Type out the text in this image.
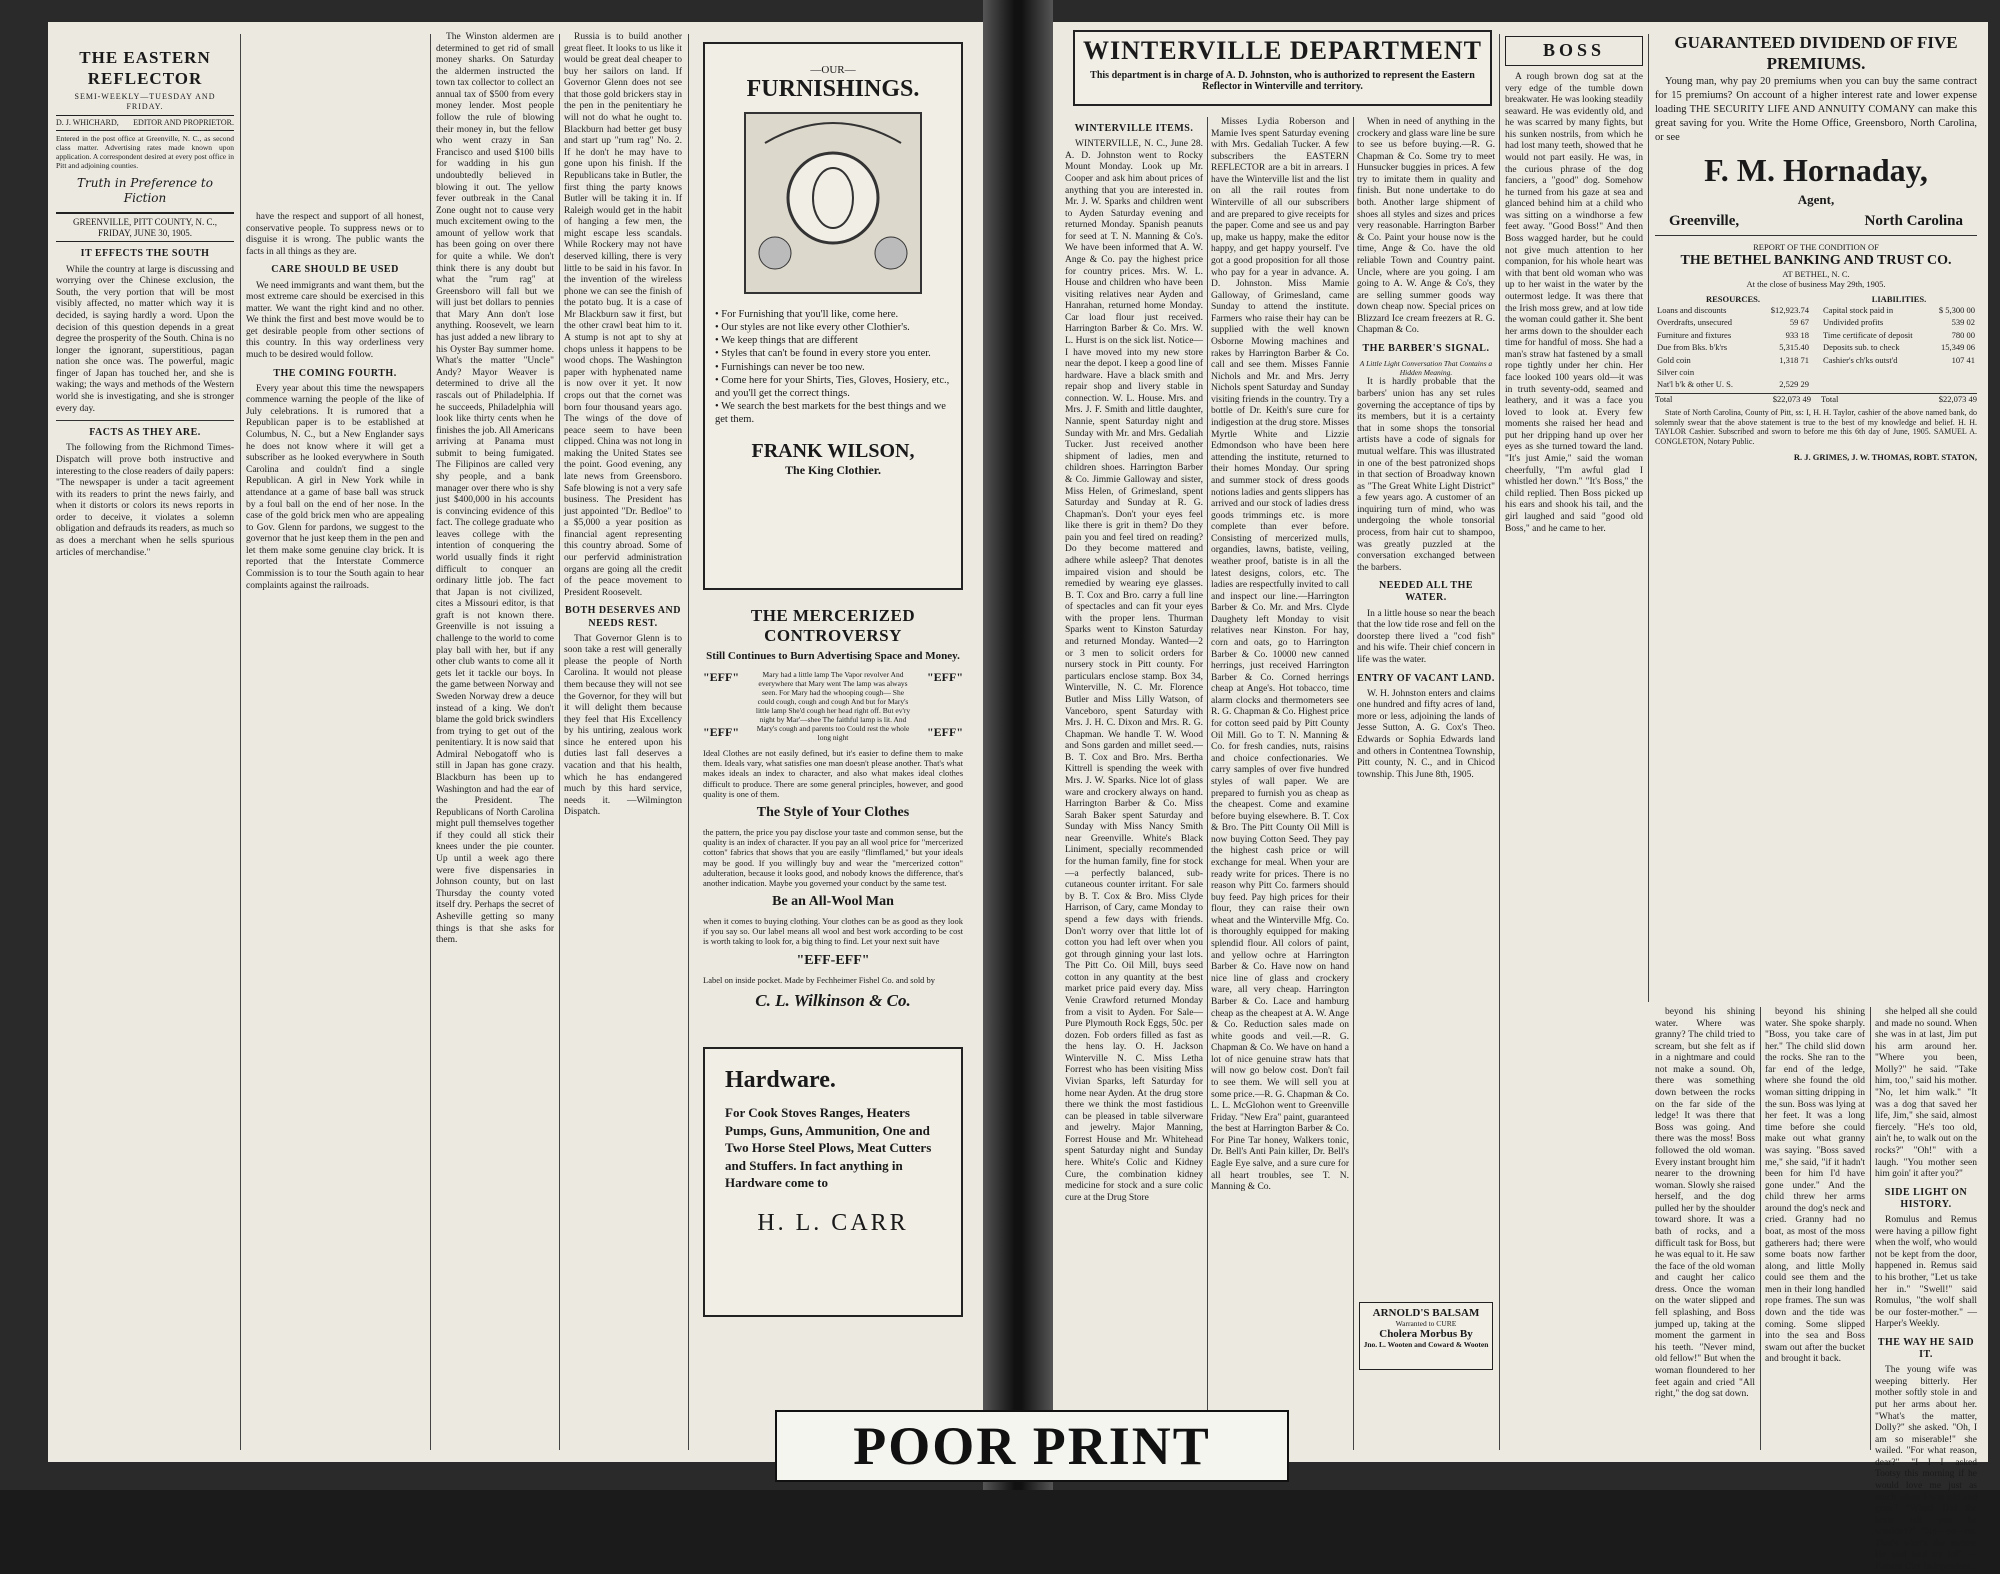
THE EASTERN REFLECTOR
SEMI-WEEKLY—TUESDAY AND FRIDAY.
D. J. WHICHARD, EDITOR AND PROPRIETOR.
Entered in the post office at Greenville, N. C., as second class matter. Advertising rates made known upon application. A correspondent desired at every post office in Pitt and adjoining counties.
Truth in Preference to Fiction
GREENVILLE, PITT COUNTY, N. C., FRIDAY, JUNE 30, 1905.
IT EFFECTS THE SOUTH

While the country at large is discussing and worrying over the Chinese exclusion, the South, the very portion that will be most visibly affected, no matter which way it is decided, is saying hardly a word. Upon the decision of this question depends in a great degree the prosperity of the South. China is no longer the ignorant, superstitious, pagan nation she once was. The powerful, magic finger of Japan has touched her, and she is waking; the ways and methods of the Western world she is investigating, and she is stronger every day.

FACTS AS THEY ARE.

The following from the Richmond Times-Dispatch will prove both instructive and interesting to the close readers of daily papers: "The newspaper is under a tacit agreement with its readers to print the news fairly, and when it distorts or colors its news reports in order to deceive, it violates a solemn obligation and defrauds its readers, as much so as does a merchant when he sells spurious articles of merchandise."

have the respect and support of all honest, conservative people. To suppress news or to disguise it is wrong. The public wants the facts in all things as they are.

CARE SHOULD BE USED

We need immigrants and want them, but the most extreme care should be exercised in this matter. We want the right kind and no other. We think the first and best move would be to get desirable people from other sections of this country. In this way orderliness very much to be desired would follow.

THE COMING FOURTH.

Every year about this time the newspapers commence warning the people of the like of July celebrations. It is rumored that a Republican paper is to be established at Columbus, N. C., but a New Englander says he does not know where it will get a subscriber as he looked everywhere in South Carolina and couldn't find a single Republican. A girl in New York while in attendance at a game of base ball was struck by a foul ball on the end of her nose. In the case of the gold brick men who are appealing to Gov. Glenn for pardons, we suggest to the governor that he just keep them in the pen and let them make some genuine clay brick. It is reported that the Interstate Commerce Commission is to tour the South again to hear complaints against the railroads.

The Winston aldermen are determined to get rid of small money sharks. On Saturday the aldermen instructed the town tax collector to collect an annual tax of $500 from every money lender. Most people follow the rule of blowing their money in, but the fellow who went crazy in San Francisco and used $100 bills for wadding in his gun undoubtedly believed in blowing it out. The yellow fever outbreak in the Canal Zone ought not to cause very much excitement owing to the amount of yellow work that has been going on over there for quite a while. We don't think there is any doubt but what the "rum rag" at Greensboro will fall but we will just bet dollars to pennies that Mary Ann don't lose anything. Roosevelt, we learn has just added a new library to his Oyster Bay summer home. What's the matter "Uncle" Andy? Mayor Weaver is determined to drive all the rascals out of Philadelphia. If he succeeds, Philadelphia will look like thirty cents when he finishes the job. All Americans arriving at Panama must submit to being fumigated. The Filipinos are called very shy people, and a bank manager over there who is shy just $400,000 in his accounts is convincing evidence of this fact. The college graduate who leaves college with the intention of conquering the world usually finds it right difficult to conquer an ordinary little job. The fact that Japan is not civilized, cites a Missouri editor, is that graft is not known there. Greenville is not issuing a challenge to the world to come play ball with her, but if any other club wants to come all it gets let it tackle our boys. In the game between Norway and Sweden Norway drew a deuce instead of a king. We don't blame the gold brick swindlers from trying to get out of the penitentiary. It is now said that Admiral Nebogatoff who is still in Japan has gone crazy. Blackburn has been up to Washington and had the ear of the President. The Republicans of North Carolina might pull themselves together if they could all stick their knees under the pie counter. Up until a week ago there were five dispensaries in Johnson county, but on last Thursday the county voted itself dry. Perhaps the secret of Asheville getting so many things is that she asks for them.

Russia is to build another great fleet. It looks to us like it would be great deal cheaper to buy her sailors on land. If Governor Glenn does not see that those gold brickers stay in the pen in the penitentiary he will not do what he ought to. Blackburn had better get busy and start up "rum rag" No. 2. If he don't he may have to gone upon his finish. If the Republicans take in Butler, the first thing the party knows Butler will be taking it in. If Raleigh would get in the habit of hanging a few men, the might escape less scandals. While Rockery may not have deserved killing, there is very little to be said in his favor. In the invention of the wireless phone we can see the finish of the potato bug. It is a case of Mr Blackburn saw it first, but the other crawl beat him to it. A stump is not apt to shy at chops unless it happens to be wood chops. The Washington paper with hyphenated name is now over it yet. It now crops out that the cornet was born four thousand years ago. The wings of the dove of peace seem to have been clipped. China was not long in making the United States see the point. Good evening, any late news from Greensboro. Safe blowing is not a very safe business. The President has just appointed "Dr. Bedloe" to a $5,000 a year position as financial agent representing this country abroad. Some of our perfervid administration organs are going all the credit of the peace movement to President Roosevelt.

BOTH DESERVES AND NEEDS REST.

That Governor Glenn is to soon take a rest will generally please the people of North Carolina. It would not please them because they will not see the Governor, for they will but it will delight them because they feel that His Excellency by his untiring, zealous work since he entered upon his duties last fall deserves a vacation and that his health, which he has endangered much by this hard service, needs it. —Wilmington Dispatch.

—OUR—
FURNISHINGS.
• For Furnishing that you'll like, come here.
• Our styles are not like every other Clothier's.
• We keep things that are different
• Styles that can't be found in every store you enter.
• Furnishings can never be too new.
• Come here for your Shirts, Ties, Gloves, Hosiery, etc., and you'll get the correct things.
• We search the best markets for the best things and we get them.
FRANK WILSON,
The King Clothier.
THE MERCERIZED CONTROVERSY
Still Continues to Burn Advertising Space and Money.
"EFF"
"EFF"
Mary had a little lamp The Vapor revolver And everywhere that Mary went The lamp was always seen. For Mary had the whooping cough— She could cough, cough and cough And but for Mary's little lamp She'd cough her head right off. But ev'ry night by Mar'—shee The faithful lamp is lit. And Mary's cough and parents too Could rest the whole long night
"EFF"
"EFF"
Ideal Clothes are not easily defined, but it's easier to define them to make them. Ideals vary, what satisfies one man doesn't please another. That's what makes ideals an index to character, and also what makes ideal clothes difficult to produce. There are some general principles, however, and good quality is one of them.
The Style of Your Clothes
the pattern, the price you pay disclose your taste and common sense, but the quality is an index of character. If you pay an all wool price for "mercerized cotton" fabrics that shows that you are easily "flimflamed," but your ideals may be good. If you willingly buy and wear the "mercerized cotton" adulteration, because it looks good, and nobody knows the difference, that's another indication. Maybe you governed your conduct by the same test.
Be an All-Wool Man
when it comes to buying clothing. Your clothes can be as good as they look if you say so. Our label means all wool and best work according to be cost is worth taking to look for, a big thing to find. Let your next suit have
"EFF-EFF"
Label on inside pocket. Made by Fechheimer Fishel Co. and sold by
C. L. Wilkinson & Co.
Hardware.
For Cook Stoves Ranges, Heaters Pumps, Guns, Ammunition, One and Two Horse Steel Plows, Meat Cutters and Stuffers. In fact anything in Hardware come to
H. L. CARR
WINTERVILLE DEPARTMENT
This department is in charge of A. D. Johnston, who is authorized to represent the Eastern Reflector in Winterville and territory.
WINTERVILLE ITEMS.

WINTERVILLE, N. C., June 28. A. D. Johnston went to Rocky Mount Monday. Look up Mr. Cooper and ask him about prices of anything that you are interested in. Mr. J. W. Sparks and children went to Ayden Saturday evening and returned Monday. Spanish peanuts for seed at T. N. Manning & Co's. We have been informed that A. W. Ange & Co. pay the highest price for country prices. Mrs. W. L. House and children who have been visiting relatives near Ayden and Hanrahan, returned home Monday. Car load flour just received. Harrington Barber & Co. Mrs. W. L. Hurst is on the sick list. Notice—I have moved into my new store near the depot. I keep a good line of hardware. Have a black smith and repair shop and livery stable in connection. W. L. House. Mrs. and Mrs. J. F. Smith and little daughter, Nannie, spent Saturday night and Sunday with Mr. and Mrs. Gedaliah Tucker. Just received another shipment of ladies, men and children shoes. Harrington Barber & Co. Jimmie Galloway and sister, Miss Helen, of Grimesland, spent Saturday and Sunday at R. G. Chapman's. Don't your eyes feel like there is grit in them? Do they pain you and feel tired on reading? Do they become mattered and adhere while asleep? That denotes impaired vision and should be remedied by wearing eye glasses. B. T. Cox and Bro. carry a full line of spectacles and can fit your eyes with the proper lens. Thurman Sparks went to Kinston Saturday and returned Monday. Wanted—2 or 3 men to solicit orders for nursery stock in Pitt county. For particulars enclose stamp. Box 34, Winterville, N. C. Mr. Florence Butler and Miss Lilly Watson, of Vanceboro, spent Saturday with Mrs. J. H. C. Dixon and Mrs. R. G. Chapman. We handle T. W. Wood and Sons garden and millet seed.—B. T. Cox and Bro. Mrs. Bertha Kittrell is spending the week with Mrs. J. W. Sparks. Nice lot of glass ware and crockery always on hand. Harrington Barber & Co. Miss Sarah Baker spent Saturday and Sunday with Miss Nancy Smith near Greenville. White's Black Liniment, specially recommended for the human family, fine for stock—a perfectly balanced, sub-cutaneous counter irritant. For sale by B. T. Cox & Bro. Miss Clyde Harrison, of Cary, came Monday to spend a few days with friends. Don't worry over that little lot of cotton you had left over when you got through ginning your last lots. The Pitt Co. Oil Mill, buys seed cotton in any quantity at the best market price paid every day. Miss Venie Crawford returned Monday from a visit to Ayden. For Sale—Pure Plymouth Rock Eggs, 50c. per dozen. Fob orders filled as fast as the hens lay. O. H. Jackson Winterville N. C. Miss Letha Forrest who has been visiting Miss Vivian Sparks, left Saturday for home near Ayden. At the drug store there we think the most fastidious can be pleased in table silverware and jewelry. Major Manning, Forrest House and Mr. Whitehead spent Saturday night and Sunday here. White's Colic and Kidney Cure, the combination kidney medicine for stock and a sure colic cure at the Drug Store

Misses Lydia Roberson and Mamie Ives spent Saturday evening with Mrs. Gedaliah Tucker. A few subscribers the EASTERN REFLECTOR are a bit in arrears. I have the Winterville list and the list on all the rail routes from Winterville of all our subscribers and are prepared to give receipts for the paper. Come and see us and pay up, make us happy, make the editor happy, and get happy yourself. I've got a good proposition for all those who pay for a year in advance. A. D. Johnston. Miss Mamie Galloway, of Grimesland, came Sunday to attend the institute. Farmers who raise their hay can be supplied with the well known Osborne Mowing machines and rakes by Harrington Barber & Co. call and see them. Misses Fannie Nichols and Mr. and Mrs. Jerry Nichols spent Saturday and Sunday visiting friends in the country. Try a bottle of Dr. Keith's sure cure for indigestion at the drug store. Misses Myrtle White and Lizzie Edmondson who have been here attending the institute, returned to their homes Monday. Our spring and summer stock of dress goods notions ladies and gents slippers has arrived and our stock of ladies dress goods trimmings etc. is more complete than ever before. Consisting of mercerized mulls, organdies, lawns, batiste, veiling, weather proof, batiste is in all the latest designs, colors, etc. The ladies are respectfully invited to call and inspect our line.—Harrington Barber & Co. Mr. and Mrs. Clyde Daughety left Monday to visit relatives near Kinston. For hay, corn and oats, go to Harrington Barber & Co. 10000 new canned herrings, just received Harrington Barber & Co. Corned herrings cheap at Ange's. Hot tobacco, time alarm clocks and thermometers see R. G. Chapman & Co. Highest price for cotton seed paid by Pitt County Oil Mill. Go to T. N. Manning & Co. for fresh candies, nuts, raisins and choice confectionaries. We carry samples of over five hundred styles of wall paper. We are prepared to furnish you as cheap as the cheapest. Come and examine before buying elsewhere. B. T. Cox & Bro. The Pitt County Oil Mill is now buying Cotton Seed. They pay the highest cash price or will exchange for meal. When your are ready write for prices. There is no reason why Pitt Co. farmers should buy feed. Pay high prices for their flour, they can raise their own wheat and the Winterville Mfg. Co. is thoroughly equipped for making splendid flour. All colors of paint, and yellow ochre at Harrington Barber & Co. Have now on hand nice line of glass and crockery ware, all very cheap. Harrington Barber & Co. Lace and hamburg cheap as the cheapest at A. W. Ange & Co. Reduction sales made on white goods and veil.—R. G. Chapman & Co. We have on hand a lot of nice genuine straw hats that will now go below cost. Don't fail to see them. We will sell you at some price.—R. G. Chapman & Co. L. L. McGlohon went to Greenville Friday. "New Era" paint, guaranteed the best at Harrington Barber & Co. For Pine Tar honey, Walkers tonic, Dr. Bell's Anti Pain killer, Dr. Bell's Eagle Eye salve, and a sure cure for all heart troubles, see T. N. Manning & Co.

When in need of anything in the crockery and glass ware line be sure to see us before buying.—R. G. Chapman & Co. Some try to meet Hunsucker buggies in prices. A few try to imitate them in quality and finish. But none undertake to do both. Another large shipment of shoes all styles and sizes and prices very reasonable. Harrington Barber & Co. Paint your house now is the time, Ange & Co. have the old reliable Town and Country paint. Uncle, where are you going. I am going to A. W. Ange & Co's, they are selling summer goods way down cheap now. Special prices on Blizzard Ice cream freezers at R. G. Chapman & Co.

THE BARBER'S SIGNAL.
A Little Light Conversation That Contains a Hidden Meaning.

It is hardly probable that the barbers' union has any set rules governing the acceptance of tips by its members, but it is a certainty that in some shops the tonsorial artists have a code of signals for mutual welfare. This was illustrated in one of the best patronized shops in that section of Broadway known as "The Great White Light District" a few years ago. A customer of an inquiring turn of mind, who was undergoing the whole tonsorial process, from hair cut to shampoo, was greatly puzzled at the conversation exchanged between the barbers.

NEEDED ALL THE WATER.

In a little house so near the beach that the low tide rose and fell on the doorstep there lived a "cod fish" and his wife. Their chief concern in life was the water.

ENTRY OF VACANT LAND.

W. H. Johnston enters and claims one hundred and fifty acres of land, more or less, adjoining the lands of Jesse Sutton, A. G. Cox's Theo. Edwards or Sophia Edwards land and others in Contentnea Township, Pitt county, N. C., and in Chicod township. This June 8th, 1905.

ARNOLD'S BALSAM
Warranted to CURE
Cholera Morbus By
Jno. L. Wooten and Coward & Wooten
BOSS

A rough brown dog sat at the very edge of the tumble down breakwater. He was looking steadily seaward. He was evidently old, and he was scarred by many fights, but his sunken nostrils, from which he had lost many teeth, showed that he would not part easily. He was, in the curious phrase of the dog fanciers, a "good" dog. Somehow he turned from his gaze at sea and glanced behind him at a child who was sitting on a windhorse a few feet away. "Good Boss!" And then Boss wagged harder, but he could not give much attention to her companion, for his whole heart was with that bent old woman who was up to her waist in the water by the outermost ledge. It was there that the Irish moss grew, and at low tide the woman could gather it. She bent her arms down to the shoulder each time for handful of moss. She had a man's straw hat fastened by a small rope tightly under her chin. Her face looked 100 years old—it was in truth seventy-odd, seamed and leathery, and it was a face you loved to look at. Every few moments she raised her head and put her dripping hand up over her eyes as she turned toward the land. "It's just Amie," said the woman cheerfully, "I'm awful glad I whistled her down." "It's Boss," the child replied. Then Boss picked up his ears and shook his tail, and the girl laughed and said "good old Boss," and he came to her.

GUARANTEED DIVIDEND OF FIVE PREMIUMS.

Young man, why pay 20 premiums when you can buy the same contract for 15 premiums? On account of a higher interest rate and lower expense loading THE SECURITY LIFE AND ANNUITY COMANY can make this great saving for you. Write the Home Office, Greensboro, North Carolina, or see

F. M. Hornaday,
Agent,
Greenville,	North Carolina
REPORT OF THE CONDITION OF
THE BETHEL BANKING AND TRUST CO.
AT BETHEL, N. C.
At the close of business May 29th, 1905.
RESOURCES.
Loans and discounts	$12,923.74
Overdrafts, unsecured	59 67
Furniture and fixtures	933 18
Due from Bks. b'k'rs	5,315.40
Gold coin	1,318 71
Silver coin	
Nat'l b'k & other U. S.	2,529 29
LIABILITIES.
Capital stock paid in	$ 5,300 00
Undivided profits	539 02
Time certificate of deposit	780 00
Deposits sub. to check	15,349 06
Cashier's ch'ks outst'd	107 41
Total	$22,073 49 Total	$22,073 49

State of North Carolina, County of Pitt, ss: I, H. H. Taylor, cashier of the above named bank, do solemnly swear that the above statement is true to the best of my knowledge and belief. H. H. TAYLOR Cashier. Subscribed and sworn to before me this 6th day of June, 1905. SAMUEL A. CONGLETON, Notary Public.

R. J. GRIMES, J. W. THOMAS, ROBT. STATON,

beyond his shining water. Where was granny? The child tried to scream, but she felt as if in a nightmare and could not make a sound. Oh, there was something down between the rocks on the far side of the ledge! It was there that Boss was going. And there was the moss! Boss followed the old woman. Every instant brought him nearer to the drowning woman. Slowly she raised herself, and the dog pulled her by the shoulder toward shore. It was a bath of rocks, and a difficult task for Boss, but he was equal to it. He saw the face of the old woman and caught her calico dress. Once the woman on the water slipped and fell splashing, and Boss jumped up, taking at the moment the garment in his teeth. "Never mind, old fellow!" But when the woman floundered to her feet again and cried "All right," the dog sat down.

beyond his shining water. She spoke sharply. "Boss, you take care of her." The child slid down the rocks. She ran to the far end of the ledge, where she found the old woman sitting dripping in the sun. Boss was lying at her feet. It was a long time before she could make out what granny was saying. "Boss saved me," she said, "if it hadn't been for him I'd have gone under." And the child threw her arms around the dog's neck and cried. Granny had no boat, as most of the moss gatherers had; there were some boats now farther along, and little Molly could see them and the men in their long handled rope frames. The sun was down and the tide was coming. Some slipped into the sea and Boss swam out after the bucket and brought it back.

she helped all she could and made no sound. When she was in at last, Jim put his arm around her. "Where you been, Molly?" he said. "Take him, too," said his mother. "No, let him walk." "It was a dog that saved her life, Jim," she said, almost fiercely. "He's too old, ain't he, to walk out on the rocks?" "Oh!" with a laugh. "You mother seen him goin' it after you?"

SIDE LIGHT ON HISTORY.

Romulus and Remus were having a pillow fight when the wolf, who would not be kept from the door, happened in. Remus said to his brother, "Let us take her in." "Swell!" said Romulus, "the wolf shall be our foster-mother." —Harper's Weekly.

THE WAY HE SAID IT.

The young wife was weeping bitterly. Her mother softly stole in and put her arms about her. "What's the matter, Dolly?" she asked. "Oh, I am so miserable!" she wailed. "For what reason, dear?" "I—I—I asked Tootsy this morning if he would love me just as much when I was old and gray." "What! Did the brute tell you he wouldn't?" "No—no—no. That's what's the matter. He said he'd try to!" —Kansas City Independent.

POOR PRINT
